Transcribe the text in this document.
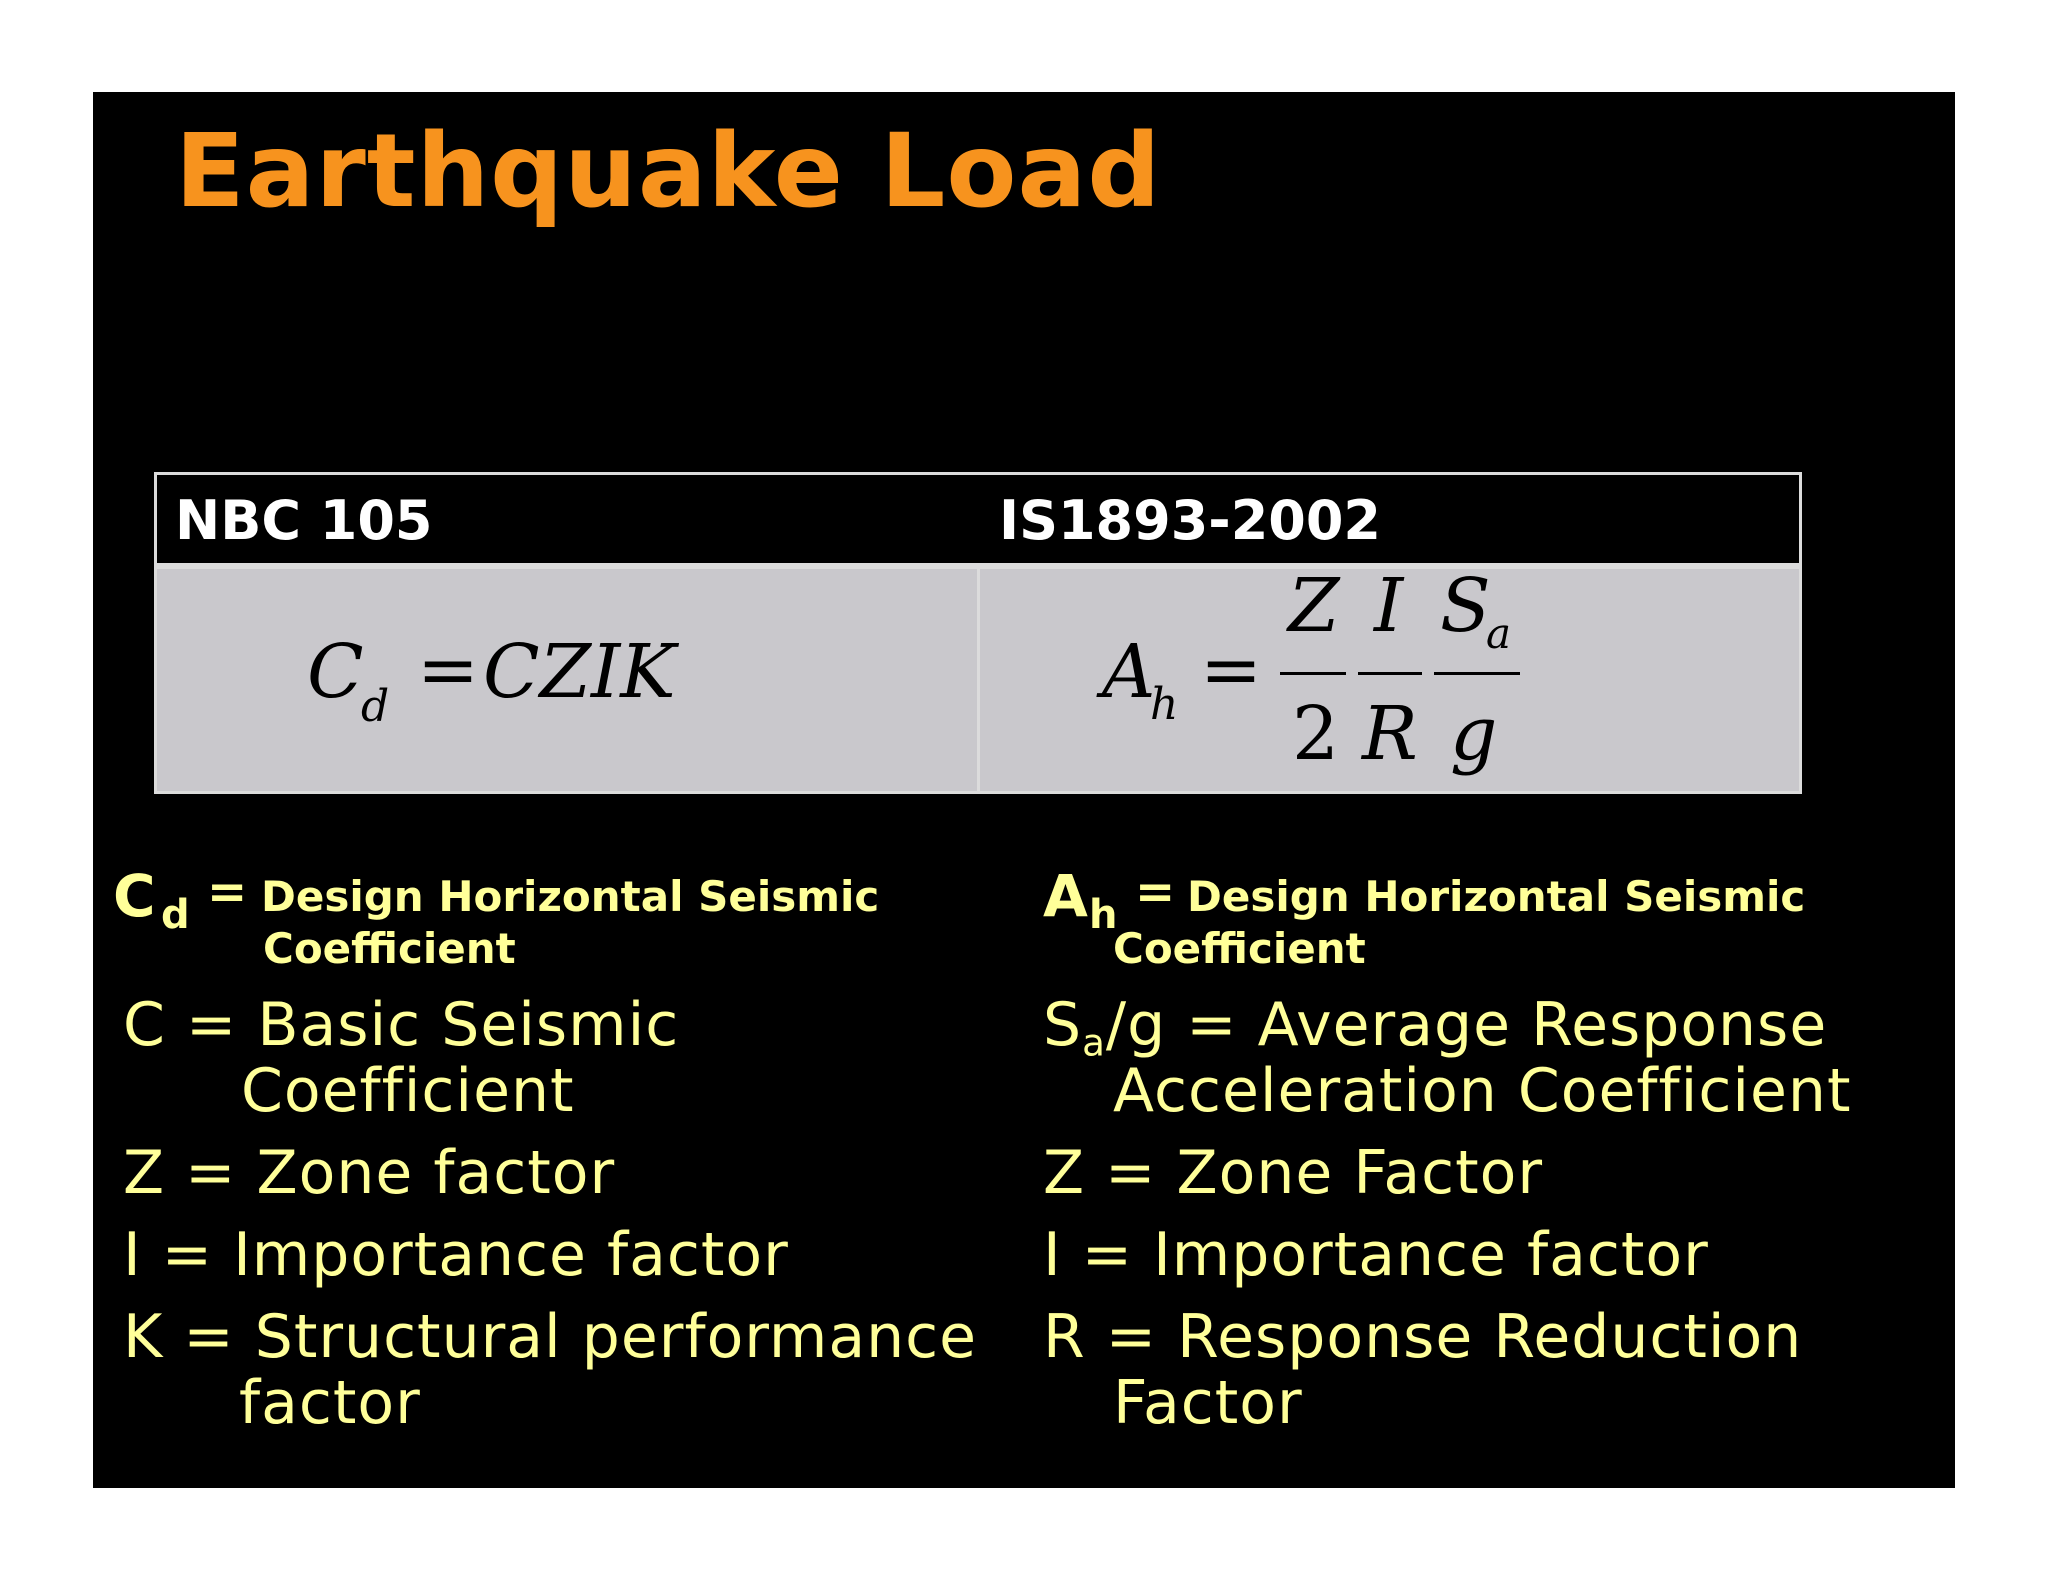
Earthquake Load
NBC 105	IS1893-2002
C
d = CZIK	A
h =
Z
2
I
R
S
a
g
C d = Design Horizontal Seismic
Coefficient
C = Basic Seismic
Coefficient
Z = Zone factor
I = Importance factor
K = Structural performance
factor
A h = Design Horizontal Seismic
Coefficient
$S_a/g$ = Average Response
Acceleration Coefficient
Z = Zone Factor
I = Importance factor
R = Response Reduction
Factor
